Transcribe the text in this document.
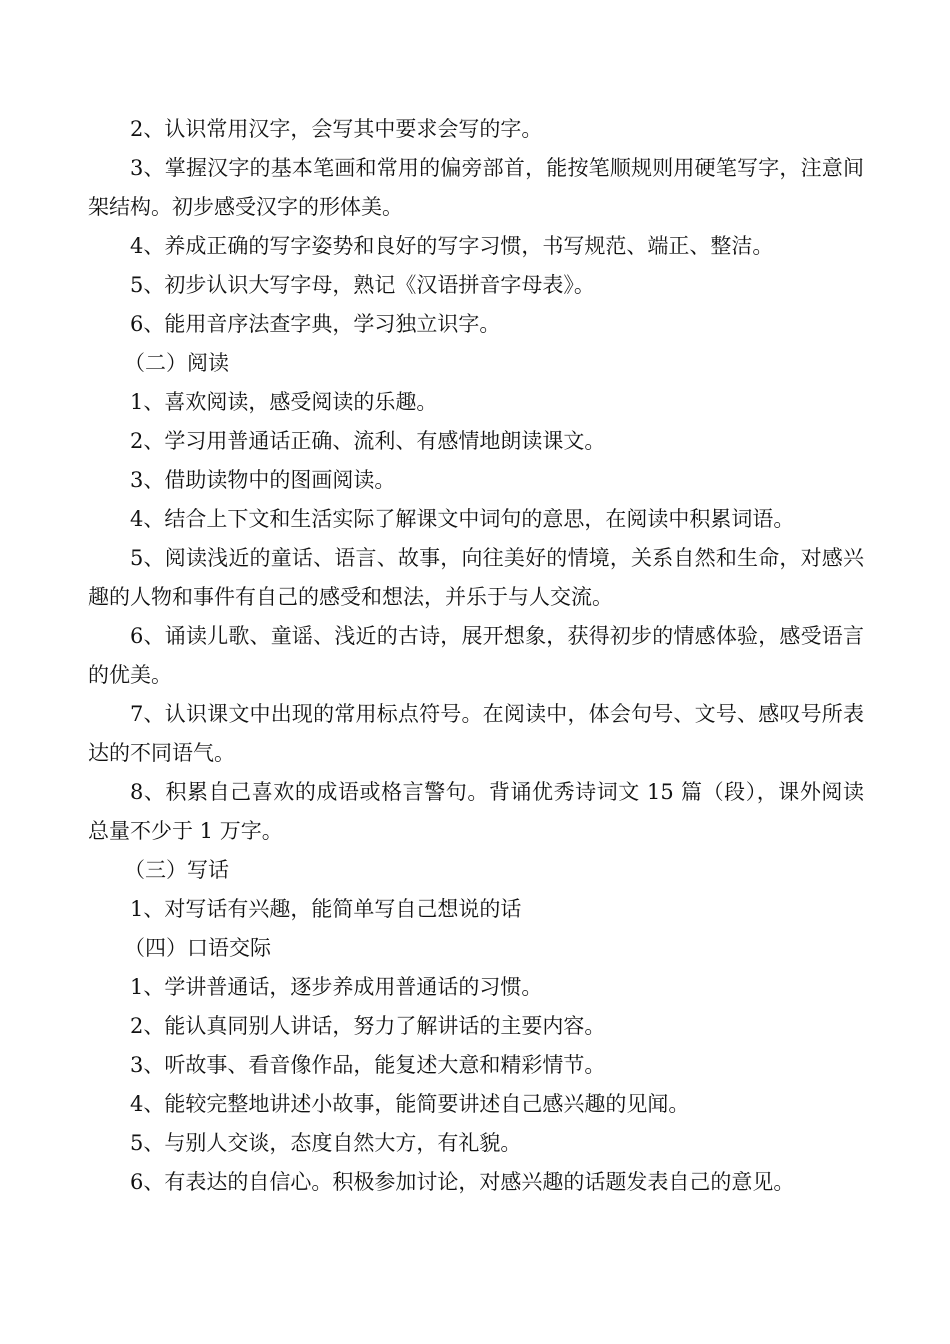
2、认识常用汉字，会写其中要求会写的字。

3、掌握汉字的基本笔画和常用的偏旁部首，能按笔顺规则用硬笔写字，注意间架结构。初步感受汉字的形体美。

4、养成正确的写字姿势和良好的写字习惯，书写规范、端正、整洁。

5、初步认识大写字母，熟记《汉语拼音字母表》。

6、能用音序法查字典，学习独立识字。

（二）阅读

1、喜欢阅读，感受阅读的乐趣。

2、学习用普通话正确、流利、有感情地朗读课文。

3、借助读物中的图画阅读。

4、结合上下文和生活实际了解课文中词句的意思，在阅读中积累词语。

5、阅读浅近的童话、语言、故事，向往美好的情境，关系自然和生命，对感兴趣的人物和事件有自己的感受和想法，并乐于与人交流。

6、诵读儿歌、童谣、浅近的古诗，展开想象，获得初步的情感体验，感受语言的优美。

7、认识课文中出现的常用标点符号。在阅读中，体会句号、文号、感叹号所表达的不同语气。

8、积累自己喜欢的成语或格言警句。背诵优秀诗词文 15 篇（段），课外阅读总量不少于 1 万字。

（三）写话

1、对写话有兴趣，能简单写自己想说的话

（四）口语交际

1、学讲普通话，逐步养成用普通话的习惯。

2、能认真同别人讲话，努力了解讲话的主要内容。

3、听故事、看音像作品，能复述大意和精彩情节。

4、能较完整地讲述小故事，能简要讲述自己感兴趣的见闻。

5、与别人交谈，态度自然大方，有礼貌。

6、有表达的自信心。积极参加讨论，对感兴趣的话题发表自己的意见。
